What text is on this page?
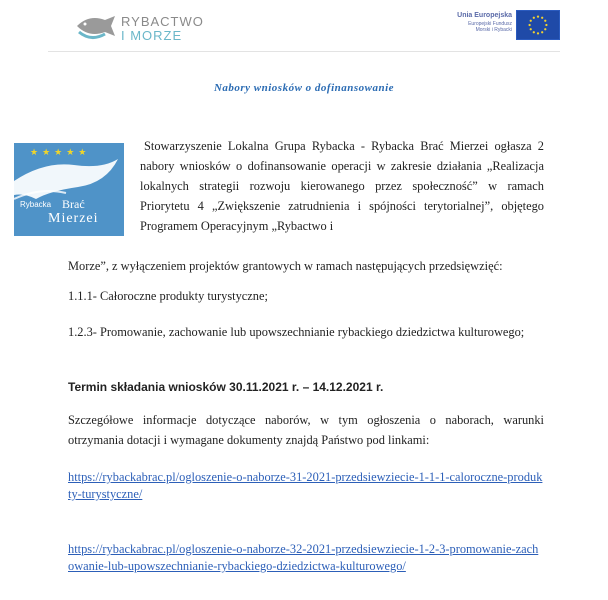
RYBACTWO
I MORZE
Unia Europejska
Europejski Fundusz
Morski i Rybacki
Nabory wniosków o dofinansowanie
★★★★★
Rybacka Brać
Mierzei

Stowarzyszenie Lokalna Grupa Rybacka - Rybacka Brać Mierzei ogłasza 2 nabory wniosków o dofinansowanie operacji w zakresie działania „Realizacja lokalnych strategii rozwoju kierowanego przez społeczność” w ramach Priorytetu 4 „Zwiększenie zatrudnienia i spójności terytorialnej”, objętego Programem Operacyjnym „Rybactwo i

Morze”, z wyłączeniem projektów grantowych w ramach następujących przedsięwzięć:

1.1.1- Całoroczne produkty turystyczne;

1.2.3- Promowanie, zachowanie lub upowszechnianie rybackiego dziedzictwa kulturowego;

Termin składania wniosków 30.11.2021 r. – 14.12.2021 r.

Szczegółowe informacje dotyczące naborów, w tym ogłoszenia o naborach, warunki otrzymania dotacji i wymagane dokumenty znajdą Państwo pod linkami:

https://rybackabrac.pl/ogloszenie-o-naborze-31-2021-przedsiewziecie-1-1-1-caloroczne-produkty-turystyczne/
https://rybackabrac.pl/ogloszenie-o-naborze-32-2021-przedsiewziecie-1-2-3-promowanie-zachowanie-lub-upowszechnianie-rybackiego-dziedzictwa-kulturowego/
